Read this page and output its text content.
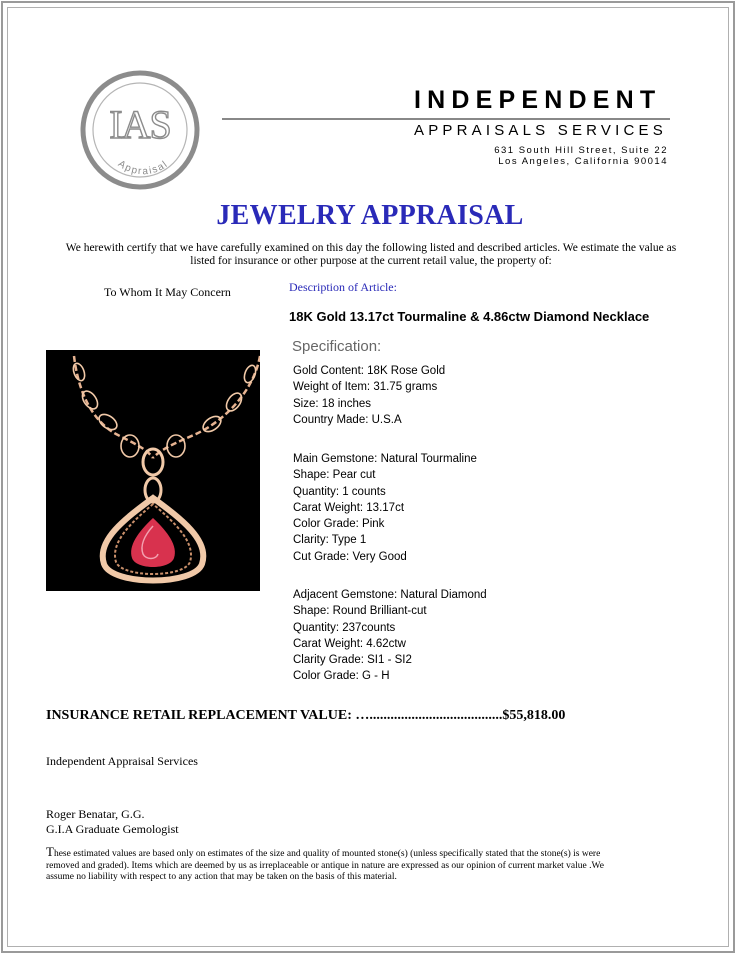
IAS
Appraisal
INDEPENDENT
APPRAISALS SERVICES
631 South Hill Street, Suite 22
Los Angeles, California 90014
JEWELRY APPRAISAL
We herewith certify that we have carefully examined on this day the following listed and described articles. We estimate the value as listed for insurance or other purpose at the current retail value, the property of:
To Whom It May Concern	Description of Article:
18K Gold 13.17ct Tourmaline & 4.86ctw Diamond Necklace
Specification:
Gold Content: 18K Rose Gold
Weight of Item: 31.75 grams
Size: 18 inches
Country Made: U.S.A
Main Gemstone: Natural Tourmaline
Shape: Pear cut
Quantity: 1 counts
Carat Weight: 13.17ct
Color Grade: Pink
Clarity: Type 1
Cut Grade: Very Good
Adjacent Gemstone: Natural Diamond
Shape: Round Brilliant-cut
Quantity: 237counts
Carat Weight: 4.62ctw
Clarity Grade: SI1 - SI2
Color Grade: G - H
INSURANCE RETAIL REPLACEMENT VALUE: …......................................$55,818.00
Independent Appraisal Services
Roger Benatar, G.G.
G.I.A Graduate Gemologist
These estimated values are based only on estimates of the size and quality of mounted stone(s) (unless specifically stated that the stone(s) is were removed and graded). Items which are deemed by us as irreplaceable or antique in nature are expressed as our opinion of current market value .We assume no liability with respect to any action that may be taken on the basis of this material.
